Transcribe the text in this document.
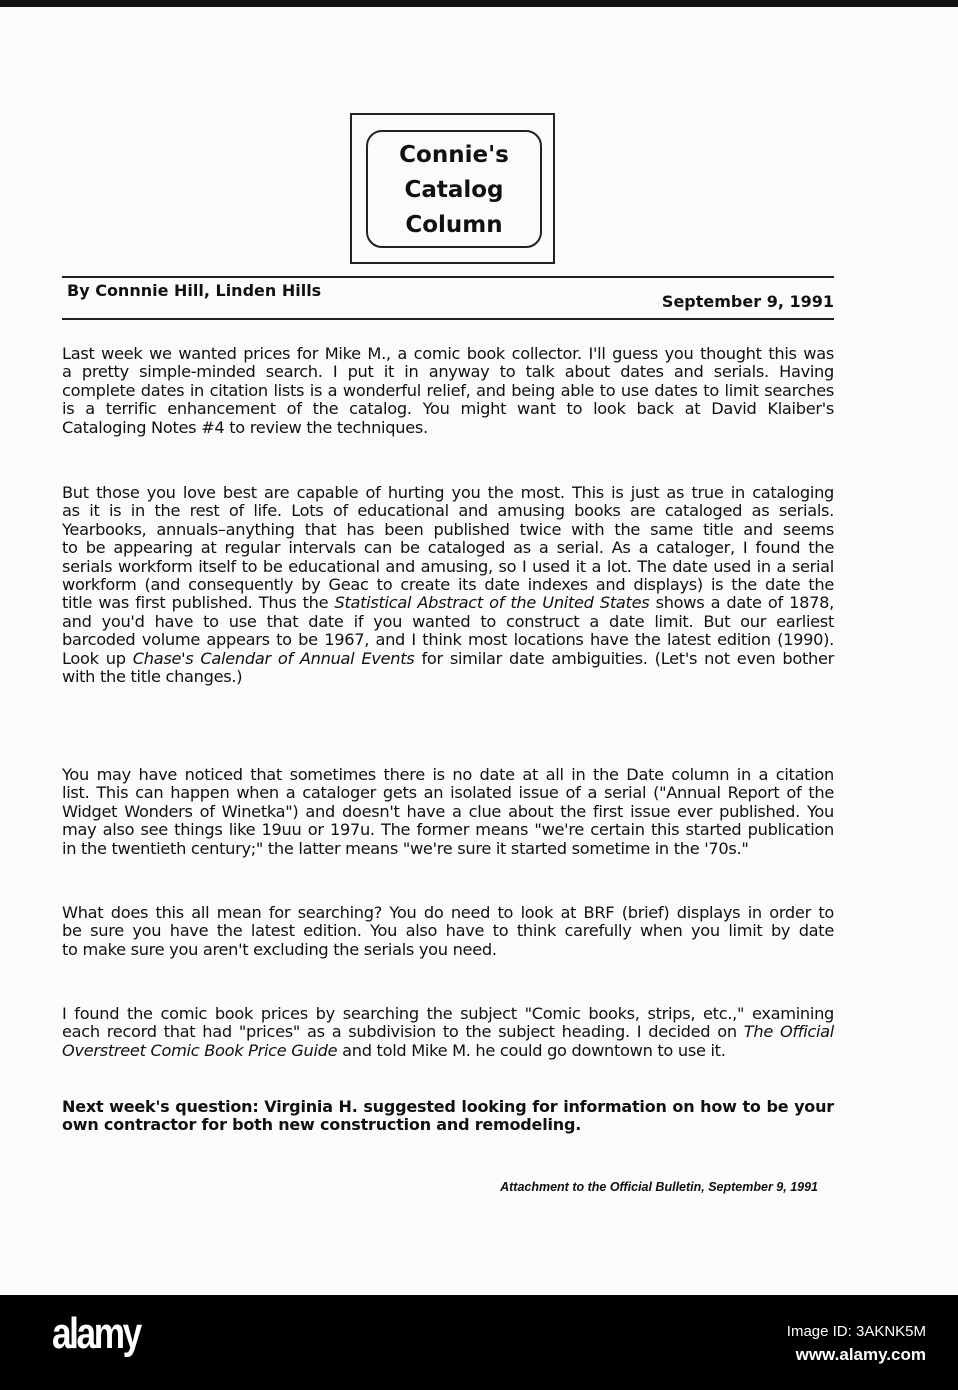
Connie's
Catalog
Column
By Connnie Hill, Linden Hills
September 9, 1991
Last week we wanted prices for Mike M., a comic book collector. I'll guess you thought this was
a pretty simple-minded search. I put it in anyway to talk about dates and serials. Having
complete dates in citation lists is a wonderful relief, and being able to use dates to limit searches
is a terrific enhancement of the catalog. You might want to look back at David Klaiber's
Cataloging Notes #4 to review the techniques.
But those you love best are capable of hurting you the most. This is just as true in cataloging
as it is in the rest of life. Lots of educational and amusing books are cataloged as serials.
Yearbooks, annuals–anything that has been published twice with the same title and seems
to be appearing at regular intervals can be cataloged as a serial. As a cataloger, I found the
serials workform itself to be educational and amusing, so I used it a lot. The date used in a serial
workform (and consequently by Geac to create its date indexes and displays) is the date the
title was first published. Thus the Statistical Abstract of the United States shows a date of 1878,
and you'd have to use that date if you wanted to construct a date limit. But our earliest
barcoded volume appears to be 1967, and I think most locations have the latest edition (1990).
Look up Chase's Calendar of Annual Events for similar date ambiguities. (Let's not even bother
with the title changes.)
You may have noticed that sometimes there is no date at all in the Date column in a citation
list. This can happen when a cataloger gets an isolated issue of a serial ("Annual Report of the
Widget Wonders of Winetka") and doesn't have a clue about the first issue ever published. You
may also see things like 19uu or 197u. The former means "we're certain this started publication
in the twentieth century;" the latter means "we're sure it started sometime in the '70s."
What does this all mean for searching? You do need to look at BRF (brief) displays in order to
be sure you have the latest edition. You also have to think carefully when you limit by date
to make sure you aren't excluding the serials you need.
I found the comic book prices by searching the subject "Comic books, strips, etc.," examining
each record that had "prices" as a subdivision to the subject heading. I decided on The Official
Overstreet Comic Book Price Guide and told Mike M. he could go downtown to use it.
Next week's question: Virginia H. suggested looking for information on how to be your
own contractor for both new construction and remodeling.
Attachment to the Official Bulletin, September 9, 1991
alamy	Image ID: 3AKNK5M
www.alamy.com
